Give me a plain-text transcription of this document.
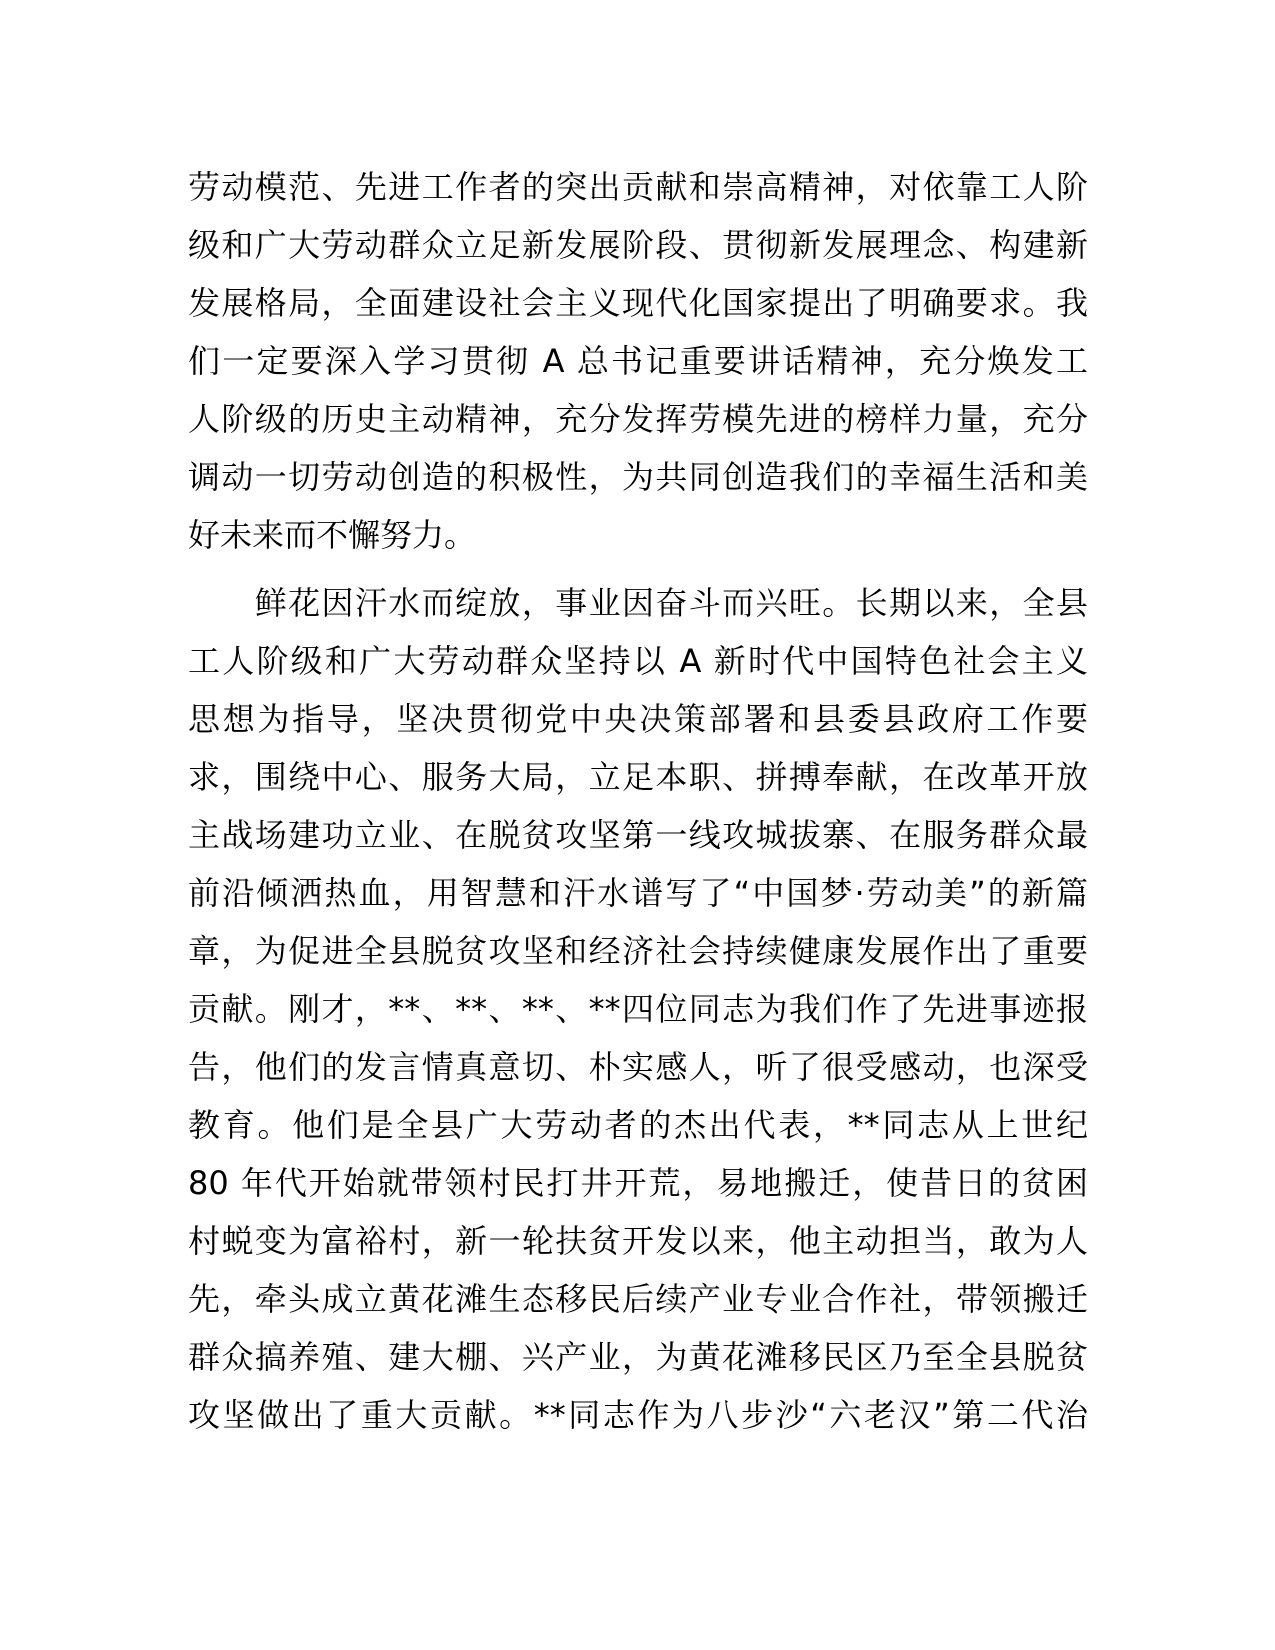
劳动模范、先进工作者的突出贡献和崇高精神，对依靠工人阶
级和广大劳动群众立足新发展阶段、贯彻新发展理念、构建新
发展格局，全面建设社会主义现代化国家提出了明确要求。我
们一定要深入学习贯彻 A 总书记重要讲话精神，充分焕发工
人阶级的历史主动精神，充分发挥劳模先进的榜样力量，充分
调动一切劳动创造的积极性，为共同创造我们的幸福生活和美
好未来而不懈努力。
　　鲜花因汗水而绽放，事业因奋斗而兴旺。长期以来，全县
工人阶级和广大劳动群众坚持以 A 新时代中国特色社会主义
思想为指导，坚决贯彻党中央决策部署和县委县政府工作要
求，围绕中心、服务大局，立足本职、拼搏奉献，在改革开放
主战场建功立业、在脱贫攻坚第一线攻城拔寨、在服务群众最
前沿倾洒热血，用智慧和汗水谱写了“中国梦·劳动美”的新篇
章，为促进全县脱贫攻坚和经济社会持续健康发展作出了重要
贡献。刚才，**、**、**、**四位同志为我们作了先进事迹报
告，他们的发言情真意切、朴实感人，听了很受感动，也深受
教育。他们是全县广大劳动者的杰出代表，**同志从上世纪
80 年代开始就带领村民打井开荒，易地搬迁，使昔日的贫困
村蜕变为富裕村，新一轮扶贫开发以来，他主动担当，敢为人
先，牵头成立黄花滩生态移民后续产业专业合作社，带领搬迁
群众搞养殖、建大棚、兴产业，为黄花滩移民区乃至全县脱贫
攻坚做出了重大贡献。**同志作为八步沙“六老汉”第二代治
